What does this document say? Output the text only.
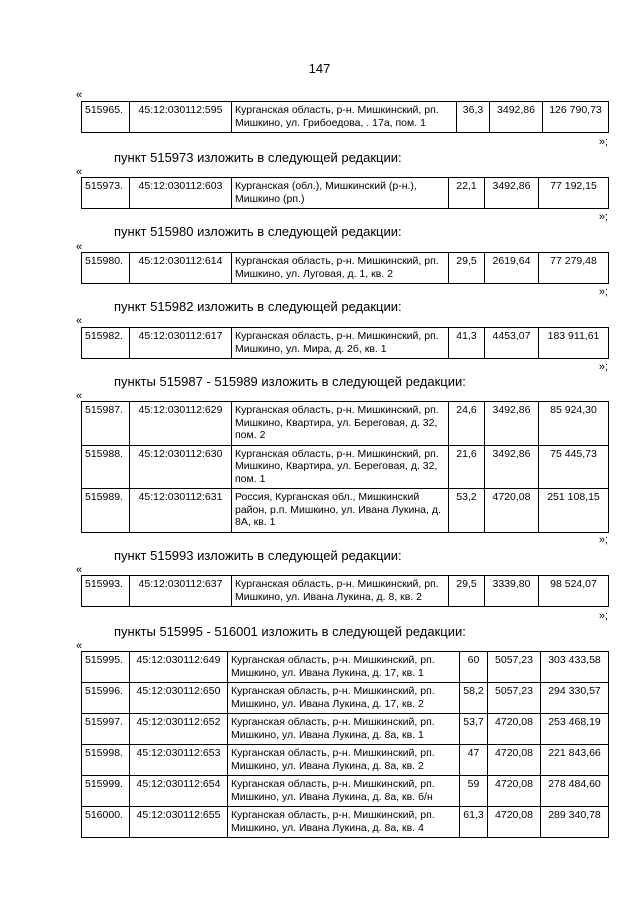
147
«
515965.	45:12:030112:595	Курганская область, р-н. Мишкинский, рп. Мишкино, ул. Грибоедова, . 17а, пом. 1	36,3	3492,86	126 790,73
»;
пункт 515973 изложить в следующей редакции:
«
515973.	45:12:030112:603	Курганская (обл.), Мишкинский (р-н.), Мишкино (рп.)	22,1	3492,86	77 192,15
»;
пункт 515980 изложить в следующей редакции:
«
515980.	45:12:030112:614	Курганская область, р-н. Мишкинский, рп. Мишкино, ул. Луговая, д. 1, кв. 2	29,5	2619,64	77 279,48
»;
пункт 515982 изложить в следующей редакции:
«
515982.	45:12:030112:617	Курганская область, р-н. Мишкинский, рп. Мишкино, ул. Мира, д. 2б, кв. 1	41,3	4453,07	183 911,61
»;
пункты 515987 - 515989 изложить в следующей редакции:
«
515987.	45:12:030112:629	Курганская область, р-н. Мишкинский, рп. Мишкино, Квартира, ул. Береговая, д. 32, пом. 2	24,6	3492,86	85 924,30
515988.	45:12:030112:630	Курганская область, р-н. Мишкинский, рп. Мишкино, Квартира, ул. Береговая, д. 32, пом. 1	21,6	3492,86	75 445,73
515989.	45:12:030112:631	Россия, Курганская обл., Мишкинский район, р.п. Мишкино, ул. Ивана Лукина, д. 8А, кв. 1	53,2	4720,08	251 108,15
»;
пункт 515993 изложить в следующей редакции:
«
515993.	45:12:030112:637	Курганская область, р-н. Мишкинский, рп. Мишкино, ул. Ивана Лукина, д. 8, кв. 2	29,5	3339,80	98 524,07
»;
пункты 515995 - 516001 изложить в следующей редакции:
«
515995.	45:12:030112:649	Курганская область, р-н. Мишкинский, рп. Мишкино, ул. Ивана Лукина, д. 17, кв. 1	60	5057,23	303 433,58
515996.	45:12:030112:650	Курганская область, р-н. Мишкинский, рп. Мишкино, ул. Ивана Лукина, д. 17, кв. 2	58,2	5057,23	294 330,57
515997.	45:12:030112:652	Курганская область, р-н. Мишкинский, рп. Мишкино, ул. Ивана Лукина, д. 8а, кв. 1	53,7	4720,08	253 468,19
515998.	45:12:030112:653	Курганская область, р-н. Мишкинский, рп. Мишкино, ул. Ивана Лукина, д. 8а, кв. 2	47	4720,08	221 843,66
515999.	45:12:030112:654	Курганская область, р-н. Мишкинский, рп. Мишкино, ул. Ивана Лукина, д. 8а, кв. б/н	59	4720,08	278 484,60
516000.	45:12:030112:655	Курганская область, р-н. Мишкинский, рп. Мишкино, ул. Ивана Лукина, д. 8а, кв. 4	61,3	4720,08	289 340,78
